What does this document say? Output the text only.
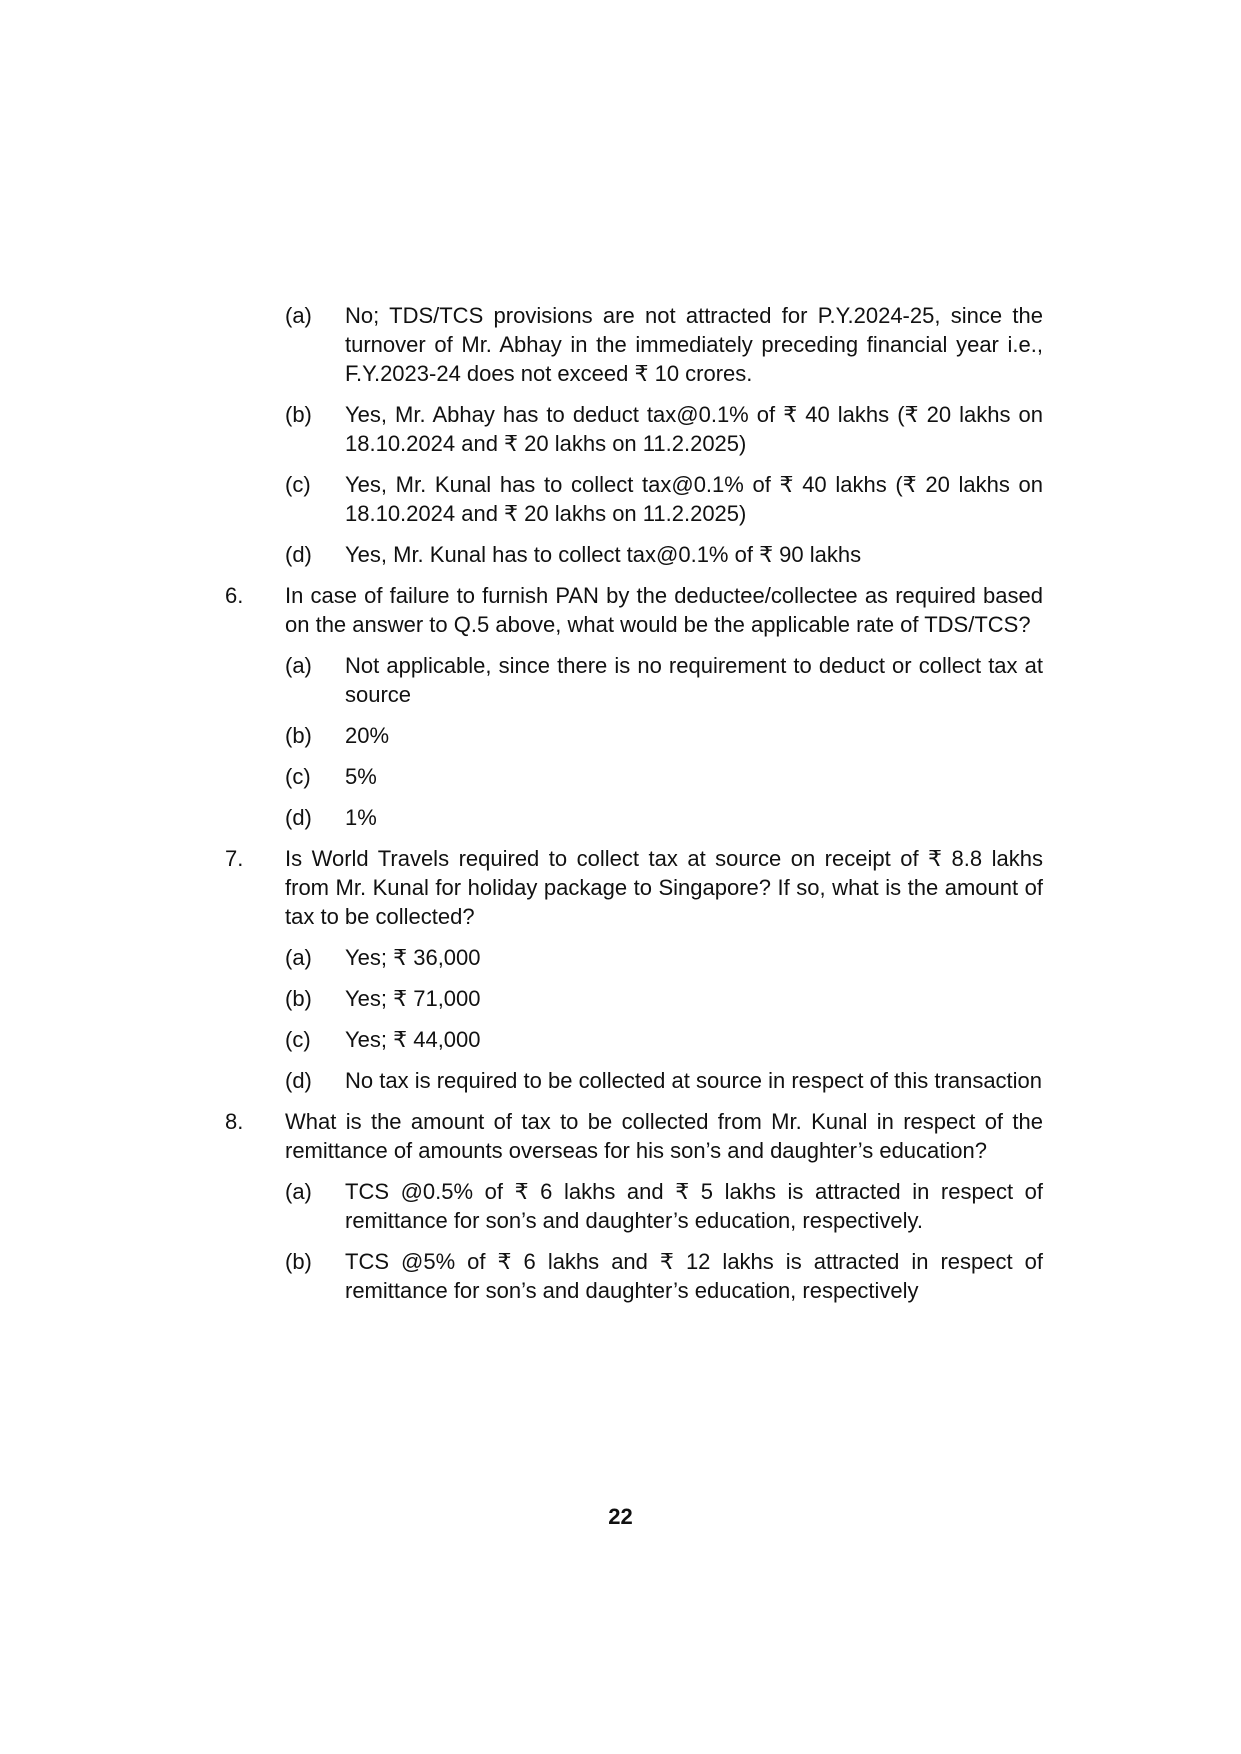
(a)	No; TDS/TCS provisions are not attracted for P.Y.2024-25, since the turnover of Mr. Abhay in the immediately preceding financial year i.e., F.Y.2023-24 does not exceed ₹ 10 crores.
(b)	Yes, Mr. Abhay has to deduct tax@0.1% of ₹ 40 lakhs (₹ 20 lakhs on 18.10.2024 and ₹ 20 lakhs on 11.2.2025)
(c)	Yes, Mr. Kunal has to collect tax@0.1% of ₹ 40 lakhs (₹ 20 lakhs on 18.10.2024 and ₹ 20 lakhs on 11.2.2025)
(d)	Yes, Mr. Kunal has to collect tax@0.1% of ₹ 90 lakhs
6.	In case of failure to furnish PAN by the deductee/collectee as required based on the answer to Q.5 above, what would be the applicable rate of TDS/TCS?
(a)	Not applicable, since there is no requirement to deduct or collect tax at source
(b)	20%
(c)	5%
(d)	1%
7.	Is World Travels required to collect tax at source on receipt of ₹ 8.8 lakhs from Mr. Kunal for holiday package to Singapore? If so, what is the amount of tax to be collected?
(a)	Yes; ₹ 36,000
(b)	Yes; ₹ 71,000
(c)	Yes; ₹ 44,000
(d)	No tax is required to be collected at source in respect of this transaction
8.	What is the amount of tax to be collected from Mr. Kunal in respect of the remittance of amounts overseas for his son’s and daughter’s education?
(a)	TCS @0.5% of ₹ 6 lakhs and ₹ 5 lakhs is attracted in respect of remittance for son’s and daughter’s education, respectively.
(b)	TCS @5% of ₹ 6 lakhs and ₹ 12 lakhs is attracted in respect of remittance for son’s and daughter’s education, respectively
22
